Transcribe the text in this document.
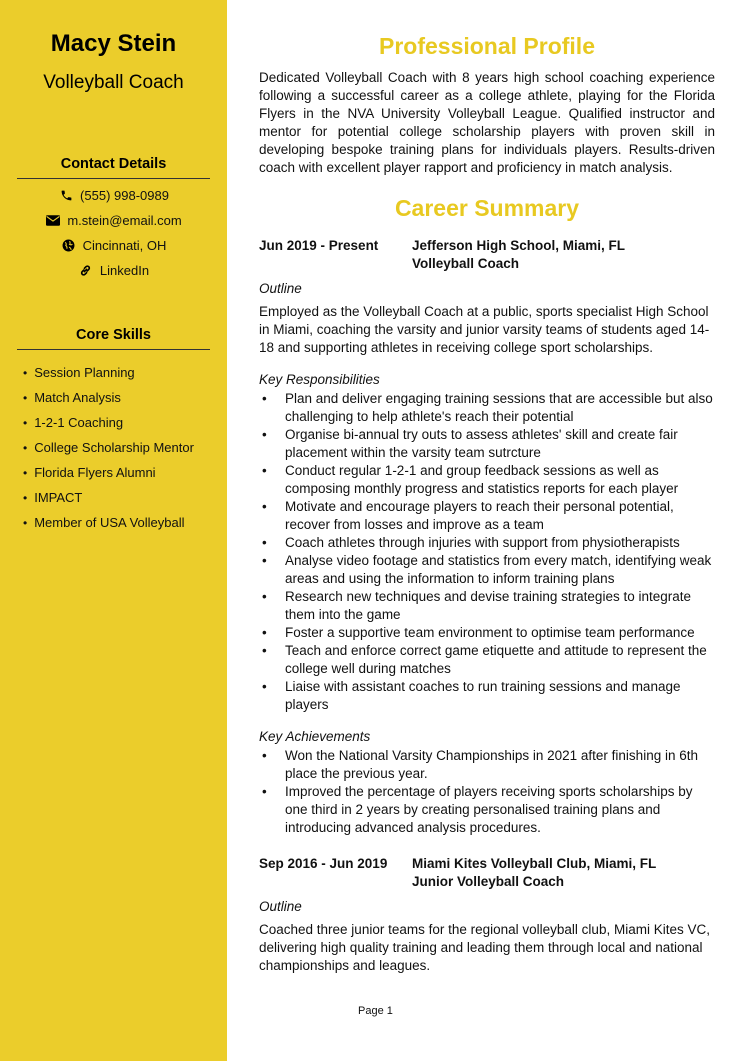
Macy Stein
Volleyball Coach
Contact Details
(555) 998-0989
m.stein@email.com
Cincinnati, OH
LinkedIn
Core Skills
• Session Planning
• Match Analysis
• 1-2-1 Coaching
• College Scholarship Mentor
• Florida Flyers Alumni
• IMPACT
• Member of USA Volleyball
Professional Profile

Dedicated Volleyball Coach with 8 years high school coaching experience following a successful career as a college athlete, playing for the Florida Flyers in the NVA University Volleyball League. Qualified instructor and mentor for potential college scholarship players with proven skill in developing bespoke training plans for individuals players. Results-driven coach with excellent player rapport and proficiency in match analysis.

Career Summary
Jun 2019 - Present	Jefferson High School, Miami, FL
Volleyball Coach
Outline

Employed as the Volleyball Coach at a public, sports specialist High School in Miami, coaching the varsity and junior varsity teams of students aged 14-18 and supporting athletes in receiving college sport scholarships.

Key Responsibilities
• Plan and deliver engaging training sessions that are accessible but also challenging to help athlete's reach their potential
• Organise bi-annual try outs to assess athletes' skill and create fair placement within the varsity team sutrcture
• Conduct regular 1-2-1 and group feedback sessions as well as composing monthly progress and statistics reports for each player
• Motivate and encourage players to reach their personal potential, recover from losses and improve as a team
• Coach athletes through injuries with support from physiotherapists
• Analyse video footage and statistics from every match, identifying weak areas and using the information to inform training plans
• Research new techniques and devise training strategies to integrate them into the game
• Foster a supportive team environment to optimise team performance
• Teach and enforce correct game etiquette and attitude to represent the college well during matches
• Liaise with assistant coaches to run training sessions and manage players
Key Achievements
• Won the National Varsity Championships in 2021 after finishing in 6th place the previous year.
• Improved the percentage of players receiving sports scholarships by one third in 2 years by creating personalised training plans and introducing advanced analysis procedures.
Sep 2016 - Jun 2019	Miami Kites Volleyball Club, Miami, FL
Junior Volleyball Coach
Outline

Coached three junior teams for the regional volleyball club, Miami Kites VC, delivering high quality training and leading them through local and national championships and leagues.

Page 1
